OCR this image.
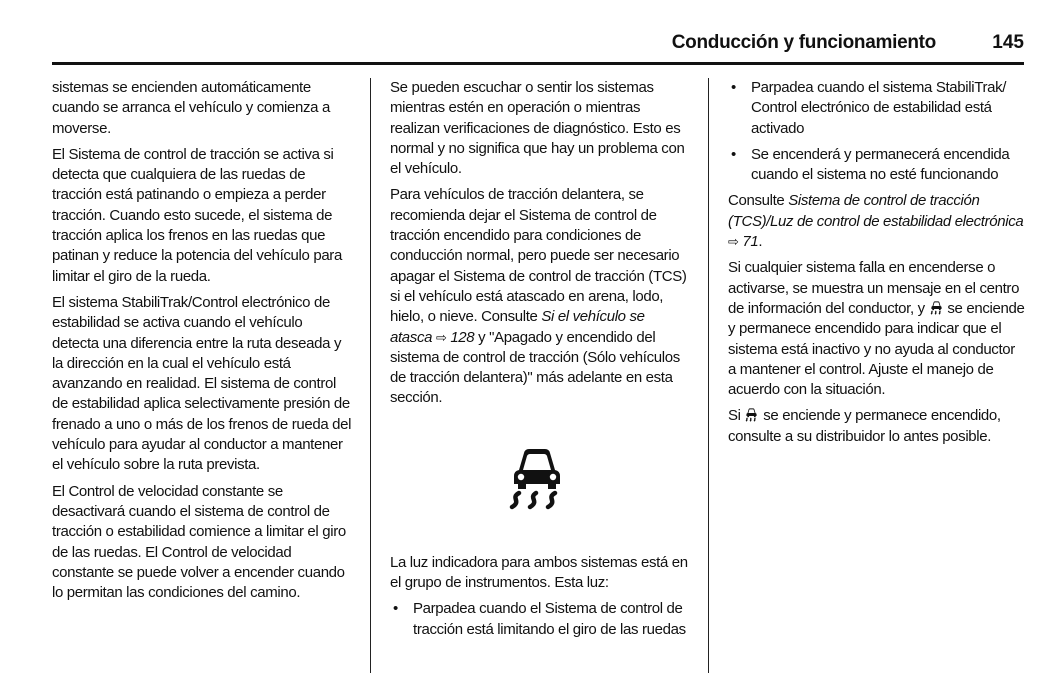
Conducción y funcionamiento	145

sistemas se encienden automáticamente cuando se arranca el vehículo y comienza a moverse.

El Sistema de control de tracción se activa si detecta que cualquiera de las ruedas de tracción está patinando o empieza a perder tracción. Cuando esto sucede, el sistema de tracción aplica los frenos en las ruedas que patinan y reduce la potencia del vehículo para limitar el giro de la rueda.

El sistema StabiliTrak/Control electrónico de estabilidad se activa cuando el vehículo detecta una diferencia entre la ruta deseada y la dirección en la cual el vehículo está avanzando en realidad. El sistema de control de estabilidad aplica selectivamente presión de frenado a uno o más de los frenos de rueda del vehículo para ayudar al conductor a mantener el vehículo sobre la ruta prevista.

El Control de velocidad constante se desactivará cuando el sistema de control de tracción o estabilidad comience a limitar el giro de las ruedas. El Control de velocidad constante se puede volver a encender cuando lo permitan las condiciones del camino.

Se pueden escuchar o sentir los sistemas mientras estén en operación o mientras realizan verificaciones de diagnóstico. Esto es normal y no significa que hay un problema con el vehículo.

Para vehículos de tracción delantera, se recomienda dejar el Sistema de control de tracción encendido para condiciones de conducción normal, pero puede ser necesario apagar el Sistema de control de tracción (TCS) si el vehículo está atascado en arena, lodo, hielo, o nieve. Consulte Si el vehículo se atasca ⇨ 128 y "Apagado y encendido del sistema de control de tracción (Sólo vehículos de tracción delantera)" más adelante en esta sección.

La luz indicadora para ambos sistemas está en el grupo de instrumentos. Esta luz:

• Parpadea cuando el Sistema de control de tracción está limitando el giro de las ruedas
• Parpadea cuando el sistema StabiliTrak/ Control electrónico de estabilidad está activado
• Se encenderá y permanecerá encendida cuando el sistema no esté funcionando

Consulte Sistema de control de tracción (TCS)/Luz de control de estabilidad electrónica ⇨ 71.

Si cualquier sistema falla en encenderse o activarse, se muestra un mensaje en el centro de información del conductor, y  se enciende y permanece encendido para indicar que el sistema está inactivo y no ayuda al conductor a mantener el control. Ajuste el manejo de acuerdo con la situación.

Si  se enciende y permanece encendido, consulte a su distribuidor lo antes posible.
